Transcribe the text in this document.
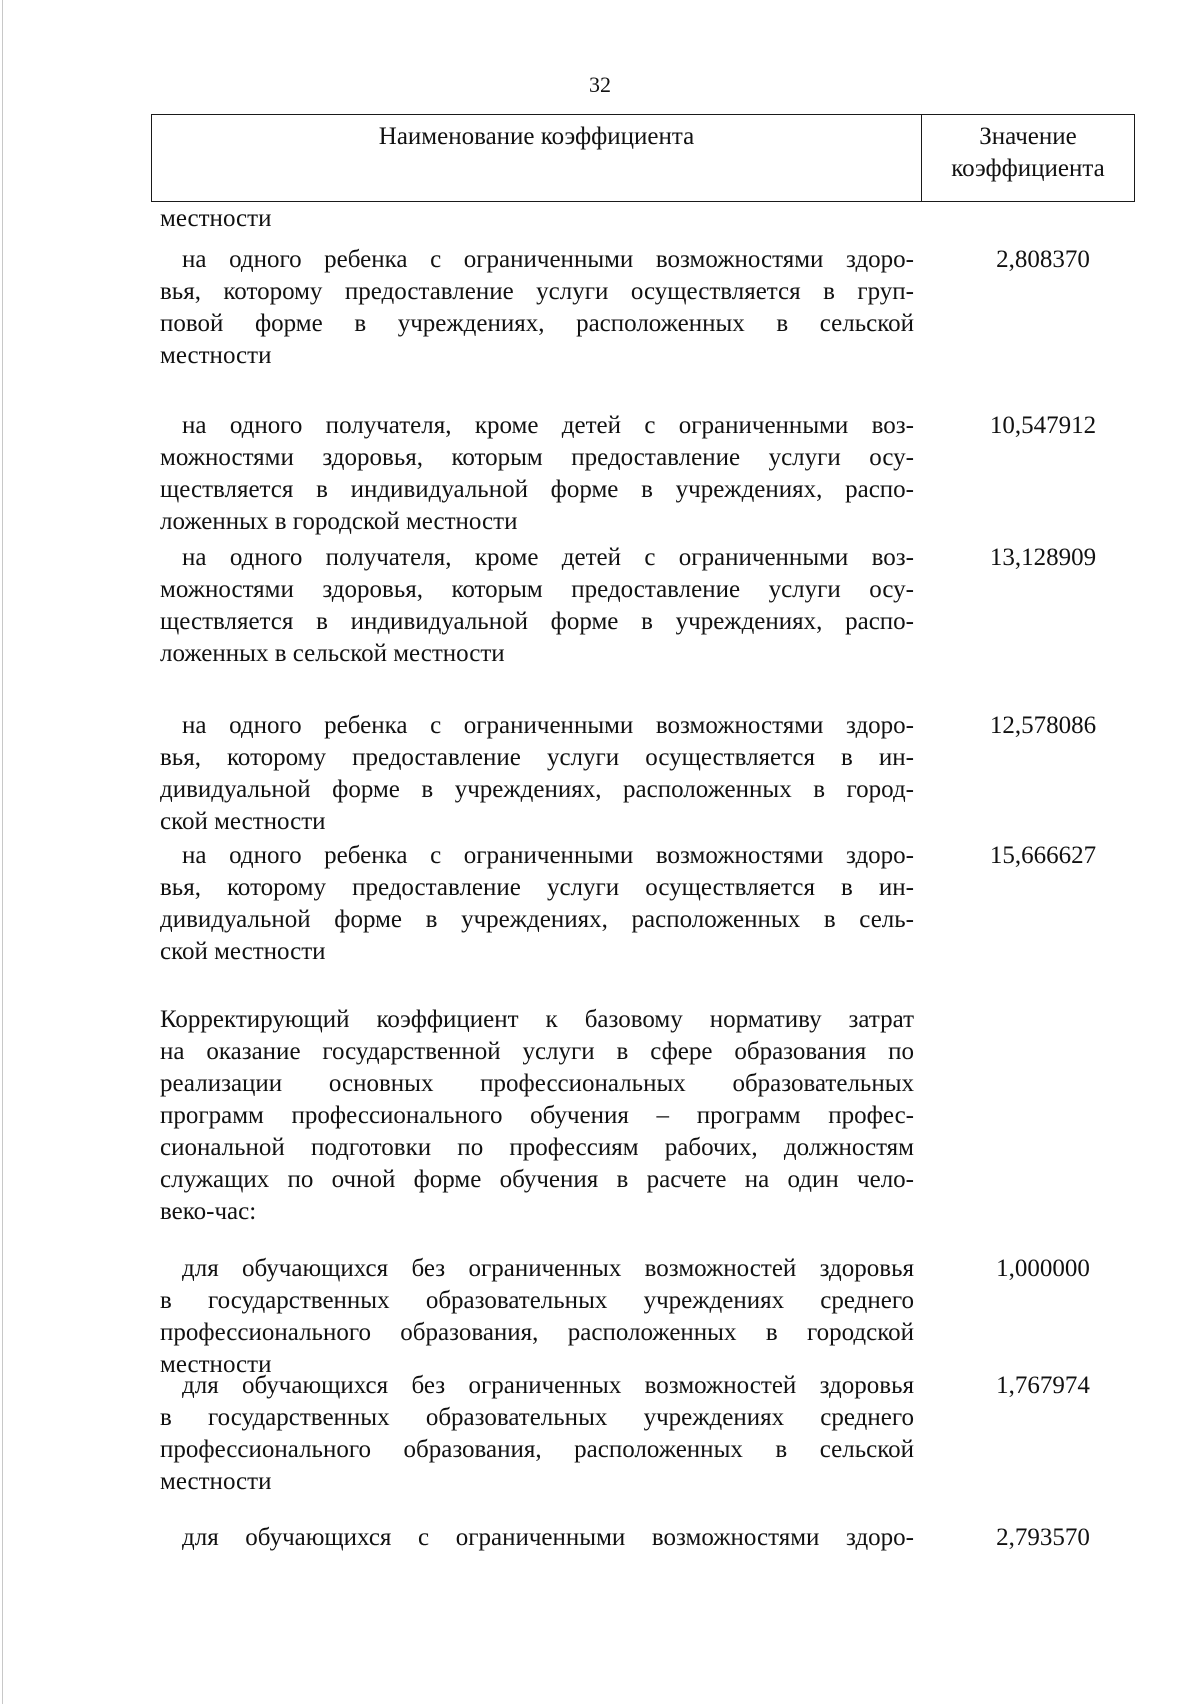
32
Наименование коэффициента	Значение
коэффициента
местности
на одного ребенка с ограниченными возможностями здоро-
вья, которому предоставление услуги осуществляется в груп-
повой форме в учреждениях, расположенных в сельской
местности
2,808370
на одного получателя, кроме детей с ограниченными воз-
можностями здоровья, которым предоставление услуги осу-
ществляется в индивидуальной форме в учреждениях, распо-
ложенных в городской местности
10,547912
на одного получателя, кроме детей с ограниченными воз-
можностями здоровья, которым предоставление услуги осу-
ществляется в индивидуальной форме в учреждениях, распо-
ложенных в сельской местности
13,128909
на одного ребенка с ограниченными возможностями здоро-
вья, которому предоставление услуги осуществляется в ин-
дивидуальной форме в учреждениях, расположенных в город-
ской местности
12,578086
на одного ребенка с ограниченными возможностями здоро-
вья, которому предоставление услуги осуществляется в ин-
дивидуальной форме в учреждениях, расположенных в сель-
ской местности
15,666627
Корректирующий коэффициент к базовому нормативу затрат
на оказание государственной услуги в сфере образования по
реализации основных профессиональных образовательных
программ профессионального обучения – программ профес-
сиональной подготовки по профессиям рабочих, должностям
служащих по очной форме обучения в расчете на один чело-
веко-час:
для обучающихся без ограниченных возможностей здоровья
в государственных образовательных учреждениях среднего
профессионального образования, расположенных в городской
местности
1,000000
для обучающихся без ограниченных возможностей здоровья
в государственных образовательных учреждениях среднего
профессионального образования, расположенных в сельской
местности
1,767974
для обучающихся с ограниченными возможностями здоро-	2,793570
